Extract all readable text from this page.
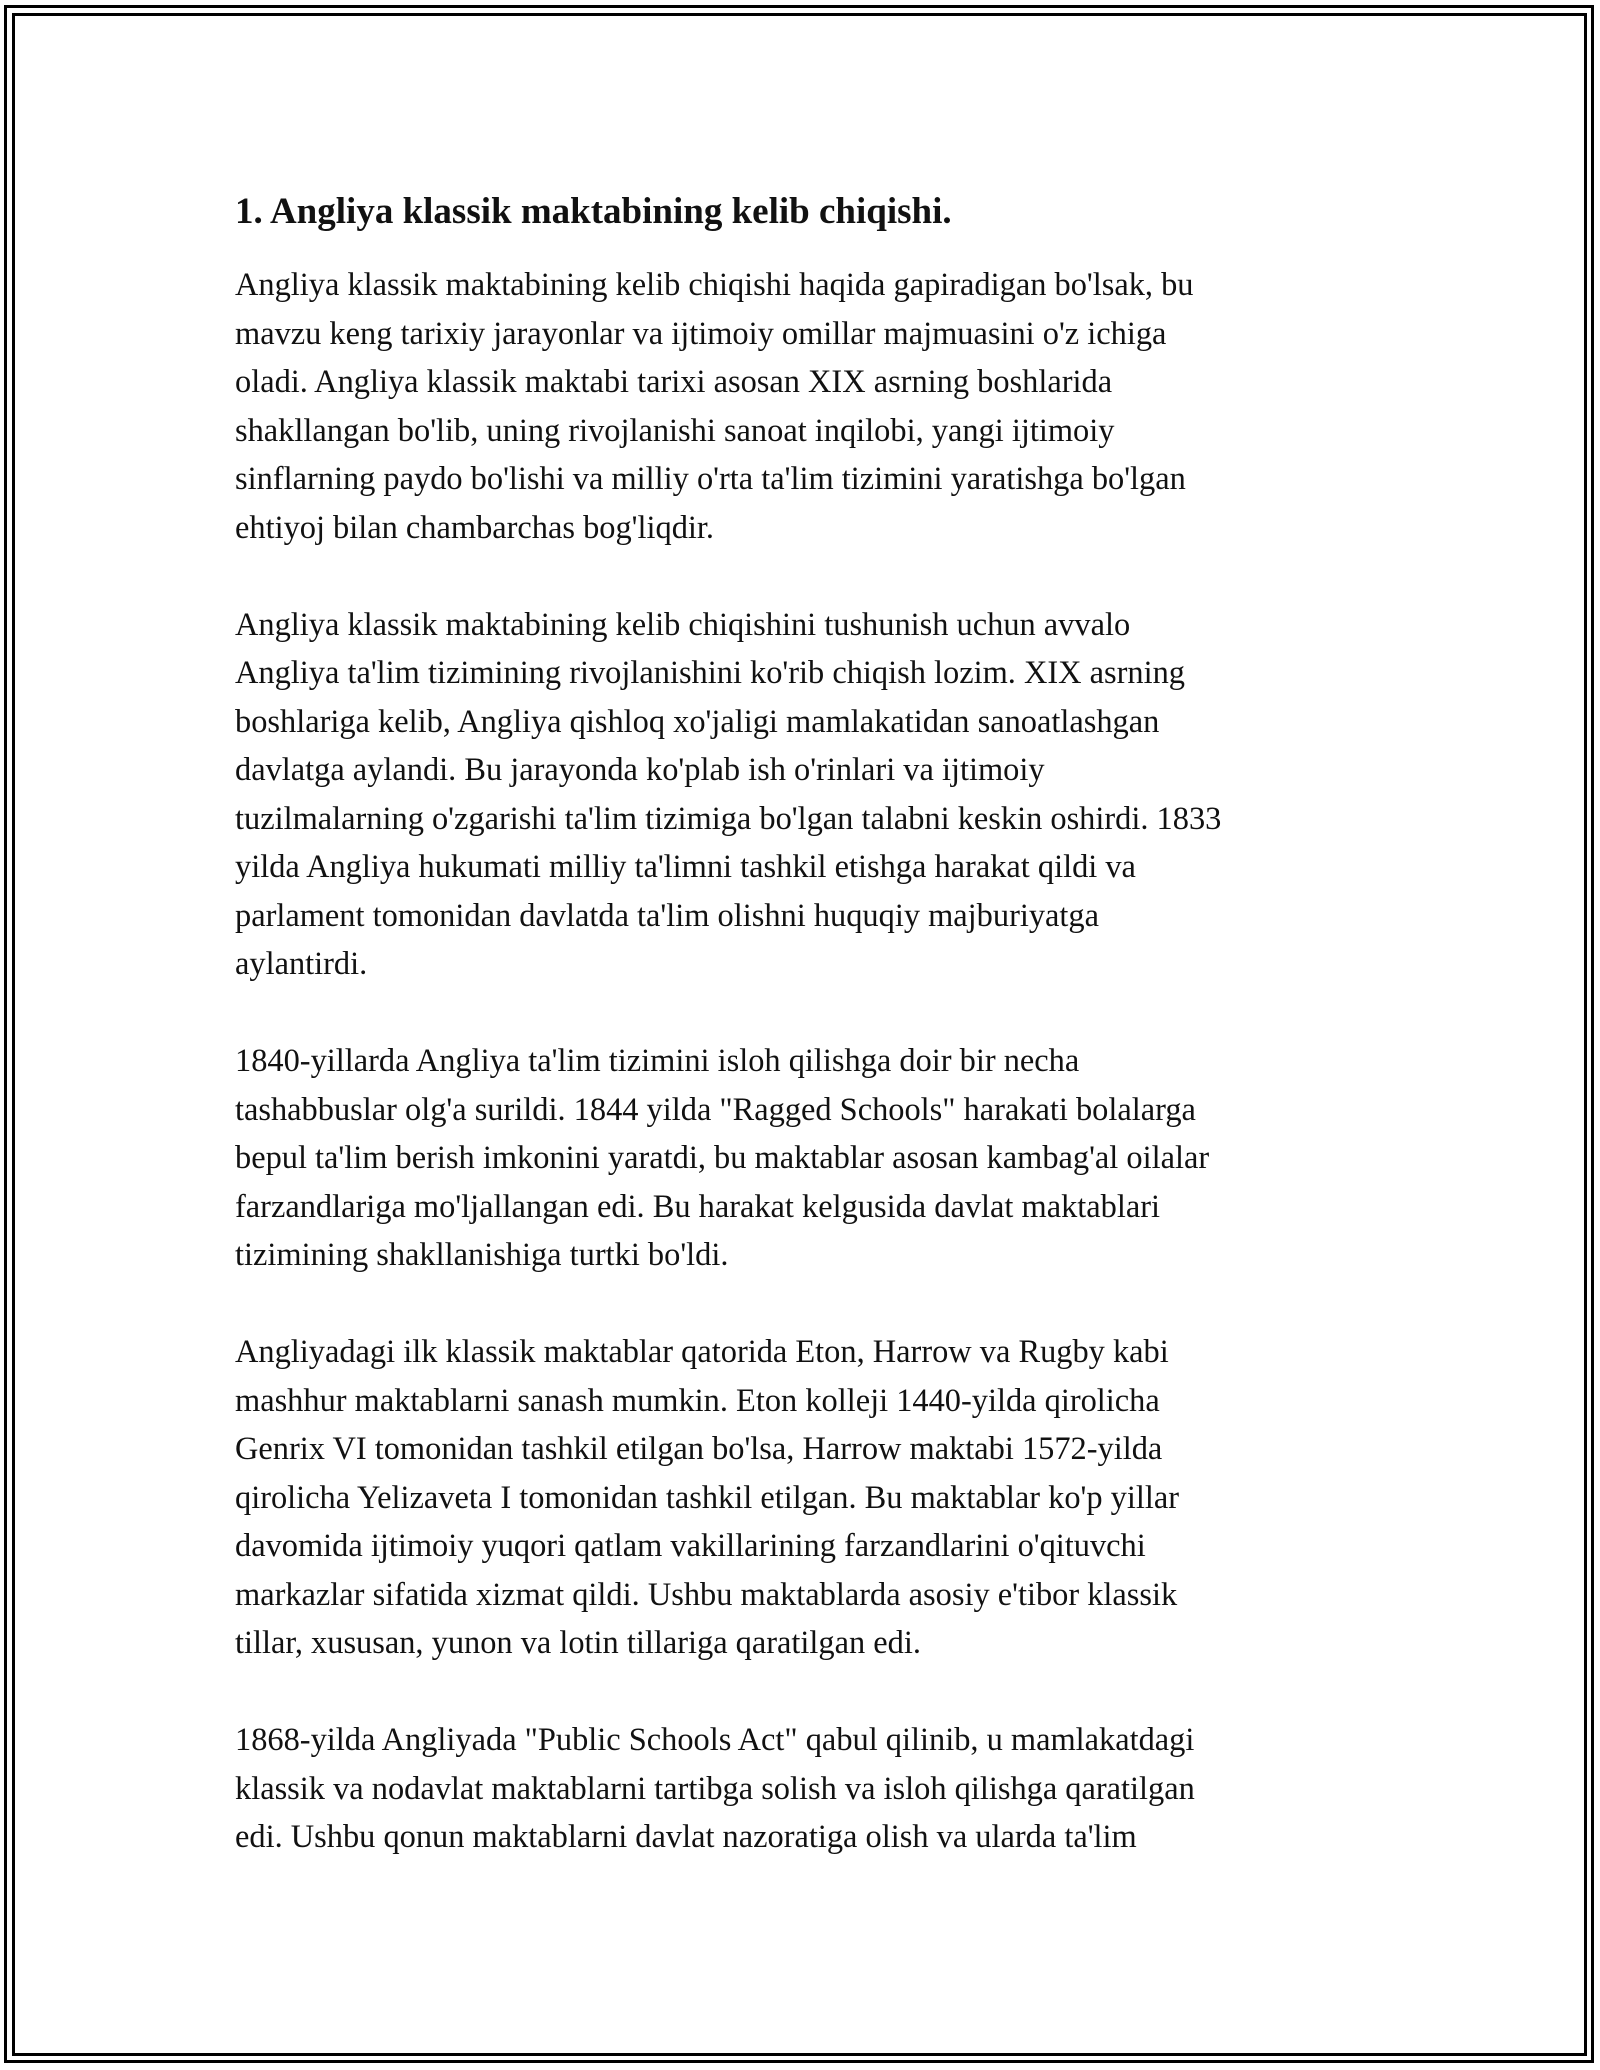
1. Angliya klassik maktabining kelib chiqishi.

Angliya klassik maktabining kelib chiqishi haqida gapiradigan bo'lsak, bu
mavzu keng tarixiy jarayonlar va ijtimoiy omillar majmuasini o'z ichiga
oladi. Angliya klassik maktabi tarixi asosan XIX asrning boshlarida
shakllangan bo'lib, uning rivojlanishi sanoat inqilobi, yangi ijtimoiy
sinflarning paydo bo'lishi va milliy o'rta ta'lim tizimini yaratishga bo'lgan
ehtiyoj bilan chambarchas bog'liqdir.

Angliya klassik maktabining kelib chiqishini tushunish uchun avvalo
Angliya ta'lim tizimining rivojlanishini ko'rib chiqish lozim. XIX asrning
boshlariga kelib, Angliya qishloq xo'jaligi mamlakatidan sanoatlashgan
davlatga aylandi. Bu jarayonda ko'plab ish o'rinlari va ijtimoiy
tuzilmalarning o'zgarishi ta'lim tizimiga bo'lgan talabni keskin oshirdi. 1833
yilda Angliya hukumati milliy ta'limni tashkil etishga harakat qildi va
parlament tomonidan davlatda ta'lim olishni huquqiy majburiyatga
aylantirdi.

1840-yillarda Angliya ta'lim tizimini isloh qilishga doir bir necha
tashabbuslar olg'a surildi. 1844 yilda "Ragged Schools" harakati bolalarga
bepul ta'lim berish imkonini yaratdi, bu maktablar asosan kambag'al oilalar
farzandlariga mo'ljallangan edi. Bu harakat kelgusida davlat maktablari
tizimining shakllanishiga turtki bo'ldi.

Angliyadagi ilk klassik maktablar qatorida Eton, Harrow va Rugby kabi
mashhur maktablarni sanash mumkin. Eton kolleji 1440-yilda qirolicha
Genrix VI tomonidan tashkil etilgan bo'lsa, Harrow maktabi 1572-yilda
qirolicha Yelizaveta I tomonidan tashkil etilgan. Bu maktablar ko'p yillar
davomida ijtimoiy yuqori qatlam vakillarining farzandlarini o'qituvchi
markazlar sifatida xizmat qildi. Ushbu maktablarda asosiy e'tibor klassik
tillar, xususan, yunon va lotin tillariga qaratilgan edi.

1868-yilda Angliyada "Public Schools Act" qabul qilinib, u mamlakatdagi
klassik va nodavlat maktablarni tartibga solish va isloh qilishga qaratilgan
edi. Ushbu qonun maktablarni davlat nazoratiga olish va ularda ta'lim
